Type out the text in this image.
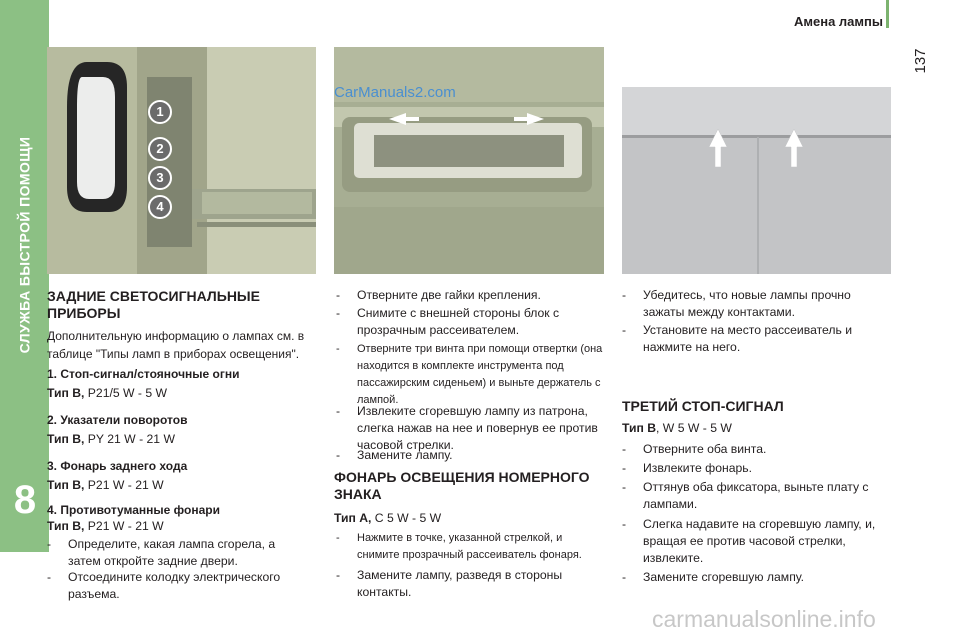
Амена лампы
137
СЛУЖБА БЫСТРОЙ ПОМОЩИ
8
1
2
3
4
CarManuals2.com
ЗАДНИЕ СВЕТОСИГНАЛЬНЫЕ ПРИБОРЫ
Дополнительную информацию о лампах см. в таблице "Типы ламп в приборах освещения".
1. Стоп-сигнал/стояночные огни
Тип B, P21/5 W - 5 W
2. Указатели поворотов
Тип B, PY 21 W - 21 W
3. Фонарь заднего хода
Тип B, P21 W - 21 W
4. Противотуманные фонари
Тип B, P21 W - 21 W
- Определите, какая лампа сгорела, а затем откройте задние двери.
- Отсоедините колодку электрического разъема.
- Отверните две гайки крепления.
- Снимите с внешней стороны блок с прозрачным рассеивателем.
- Отверните три винта при помощи отвертки (она находится в комплекте инструмента под пассажирским сиденьем) и выньте держатель с лампой.
- Извлеките сгоревшую лампу из патрона, слегка нажав на нее и повернув ее против часовой стрелки.
- Замените лампу.
ФОНАРЬ ОСВЕЩЕНИЯ НОМЕРНОГО ЗНАКА
Тип A, C 5 W - 5 W
- Нажмите в точке, указанной стрелкой, и снимите прозрачный рассеиватель фонаря.
- Замените лампу, разведя в стороны контакты.
- Убедитесь, что новые лампы прочно зажаты между контактами.
- Установите на место рассеиватель и нажмите на него.
ТРЕТИЙ СТОП-СИГНАЛ
Тип B, W 5 W - 5 W
- Отверните оба винта.
- Извлеките фонарь.
- Оттянув оба фиксатора, выньте плату с лампами.
- Слегка надавите на сгоревшую лампу, и, вращая ее против часовой стрелки, извлеките.
- Замените сгоревшую лампу.
carmanualsonline.info
